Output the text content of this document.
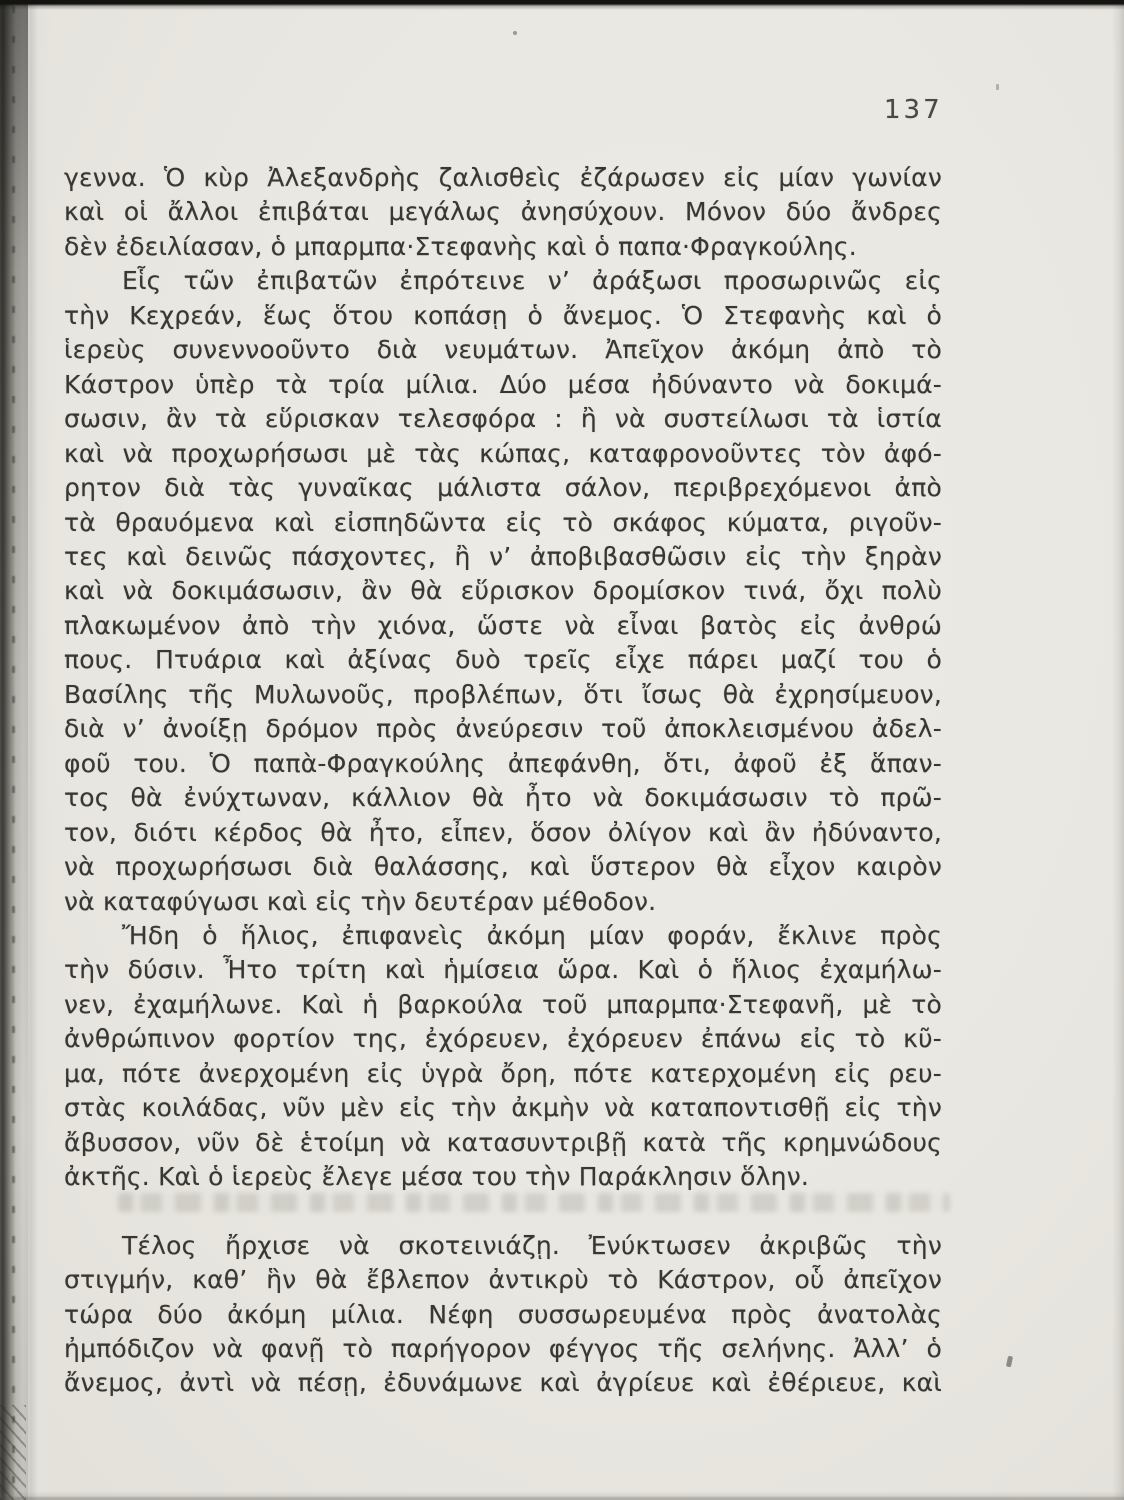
137
γεννα. Ὁ κὺρ Ἀλεξανδρὴς ζαλισθεὶς ἐζάρωσεν εἰς μίαν γωνίαν
καὶ οἱ ἄλλοι ἐπιβάται μεγάλως ἀνησύχουν. Μόνον δύο ἄνδρες
δὲν ἐδειλίασαν, ὁ μπαρμπα·Στεφανὴς καὶ ὁ παπα·Φραγκούλης.
Εἷς τῶν ἐπιβατῶν ἐπρότεινε ν’ ἀράξωσι προσωρινῶς εἰς
τὴν Κεχρεάν, ἕως ὅτου κοπάσῃ ὁ ἄνεμος. Ὁ Στεφανὴς καὶ ὁ
ἱερεὺς συνεννοοῦντο διὰ νευμάτων. Ἀπεῖχον ἀκόμη ἀπὸ τὸ
Κάστρον ὑπὲρ τὰ τρία μίλια. Δύο μέσα ἠδύναντο νὰ δοκιμά-
σωσιν, ἂν τὰ εὕρισκαν τελεσφόρα : ἢ νὰ συστείλωσι τὰ ἱστία
καὶ νὰ προχωρήσωσι μὲ τὰς κώπας, καταφρονοῦντες τὸν ἀφό-
ρητον διὰ τὰς γυναῖκας μάλιστα σάλον, περιβρεχόμενοι ἀπὸ
τὰ θραυόμενα καὶ εἰσπηδῶντα εἰς τὸ σκάφος κύματα, ριγοῦν-
τες καὶ δεινῶς πάσχοντες, ἢ ν’ ἀποβιβασθῶσιν εἰς τὴν ξηρὰν
καὶ νὰ δοκιμάσωσιν, ἂν θὰ εὕρισκον δρομίσκον τινά, ὄχι πολὺ
πλακωμένον ἀπὸ τὴν χιόνα, ὥστε νὰ εἶναι βατὸς εἰς ἀνθρώ
πους. Πτυάρια καὶ ἀξίνας δυὸ τρεῖς εἶχε πάρει μαζί του ὁ
Βασίλης τῆς Μυλωνοῦς, προβλέπων, ὅτι ἴσως θὰ ἐχρησίμευον,
διὰ ν’ ἀνοίξῃ δρόμον πρὸς ἀνεύρεσιν τοῦ ἀποκλεισμένου ἀδελ-
φοῦ του. Ὁ παπὰ-Φραγκούλης ἀπεφάνθη, ὅτι, ἀφοῦ ἐξ ἅπαν-
τος θὰ ἐνύχτωναν, κάλλιον θὰ ἦτο νὰ δοκιμάσωσιν τὸ πρῶ-
τον, διότι κέρδος θὰ ἦτο, εἶπεν, ὅσον ὀλίγον καὶ ἂν ἠδύναντο,
νὰ προχωρήσωσι διὰ θαλάσσης, καὶ ὕστερον θὰ εἶχον καιρὸν
νὰ καταφύγωσι καὶ εἰς τὴν δευτέραν μέθοδον.
Ἤδη ὁ ἥλιος, ἐπιφανεὶς ἀκόμη μίαν φοράν, ἔκλινε πρὸς
τὴν δύσιν. Ἦτο τρίτη καὶ ἡμίσεια ὥρα. Καὶ ὁ ἥλιος ἐχαμήλω-
νεν, ἐχαμήλωνε. Καὶ ἡ βαρκούλα τοῦ μπαρμπα·Στεφανῆ, μὲ τὸ
ἀνθρώπινον φορτίον της, ἐχόρευεν, ἐχόρευεν ἐπάνω εἰς τὸ κῦ-
μα, πότε ἀνερχομένη εἰς ὑγρὰ ὄρη, πότε κατερχομένη εἰς ρευ-
στὰς κοιλάδας, νῦν μὲν εἰς τὴν ἀκμὴν νὰ καταποντισθῇ εἰς τὴν
ἄβυσσον, νῦν δὲ ἑτοίμη νὰ κατασυντριβῇ κατὰ τῆς κρημνώδους
ἀκτῆς. Καὶ ὁ ἱερεὺς ἔλεγε μέσα του τὴν Παράκλησιν ὅλην.
Τέλος ἤρχισε νὰ σκοτεινιάζῃ. Ἐνύκτωσεν ἀκριβῶς τὴν
στιγμήν, καθ’ ἣν θὰ ἔβλεπον ἀντικρὺ τὸ Κάστρον, οὗ ἀπεῖχον
τώρα δύο ἀκόμη μίλια. Νέφη συσσωρευμένα πρὸς ἀνατολὰς
ἠμπόδιζον νὰ φανῇ τὸ παρήγορον φέγγος τῆς σελήνης. Ἀλλ’ ὁ
ἄνεμος, ἀντὶ νὰ πέσῃ, ἐδυνάμωνε καὶ ἀγρίευε καὶ ἐθέριευε, καὶ
